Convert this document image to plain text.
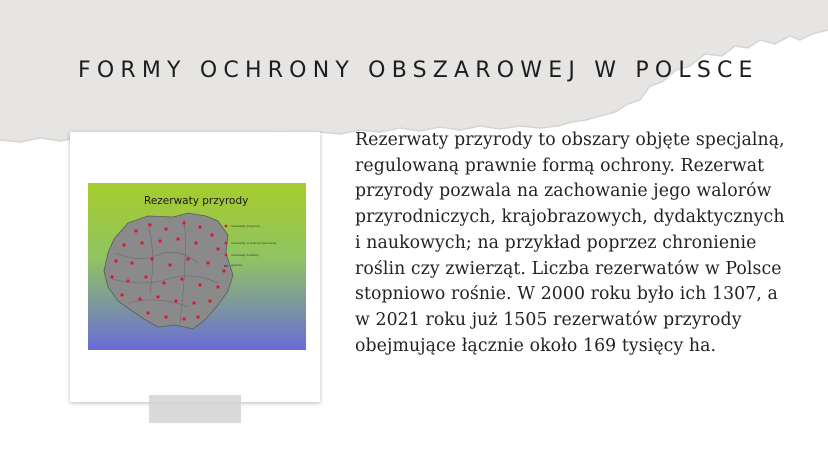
FORMY OCHRONY OBSZAROWEJ W POLSCE
Rezerwaty przyrody
rezerwaty przyrody
rezerwaty w trakcie tworzenia
rezerwaty biosfery
granice

Rezerwaty przyrody to obszary objęte specjalną, regulowaną prawnie formą ochrony. Rezerwat przyrody pozwala na zachowanie jego walorów przyrodniczych, krajobrazowych, dydaktycznych i naukowych; na przykład poprzez chronienie roślin czy zwierząt. Liczba rezerwatów w Polsce stopniowo rośnie. W 2000 roku było ich 1307, a w 2021 roku już 1505 rezerwatów przyrody obejmujące łącznie około 169 tysięcy ha.
